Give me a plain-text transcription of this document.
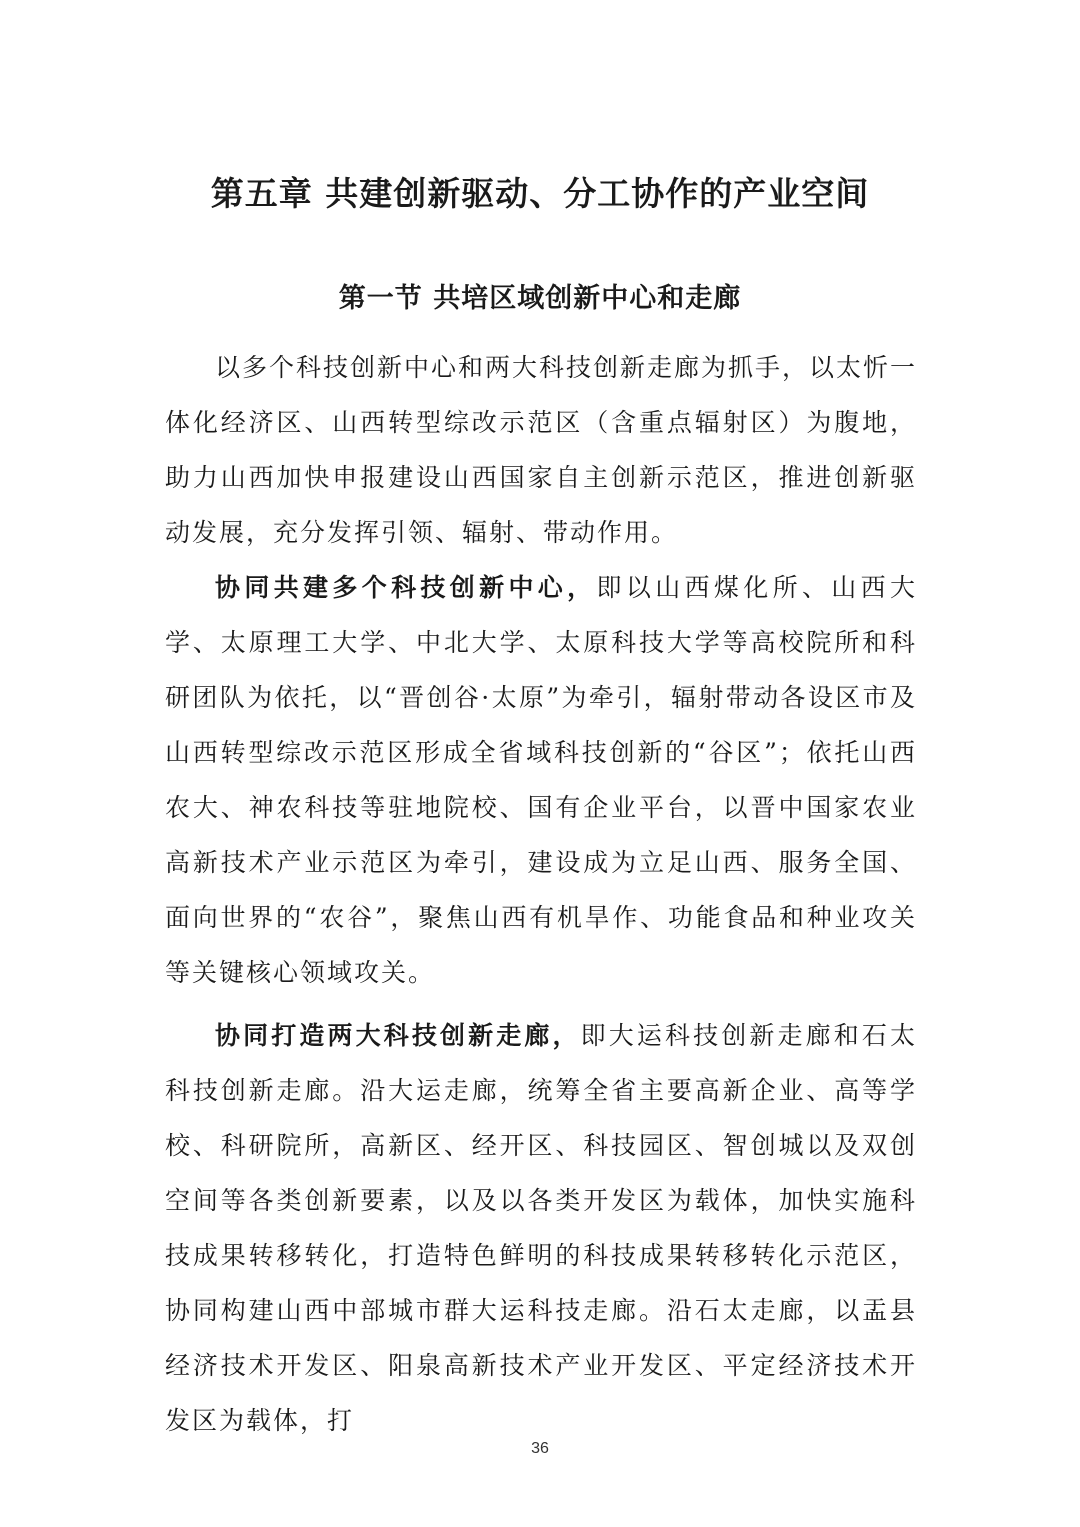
第五章 共建创新驱动、分工协作的产业空间
第一节 共培区域创新中心和走廊

以多个科技创新中心和两大科技创新走廊为抓手，以太忻一体化经济区、山西转型综改示范区（含重点辐射区）为腹地，助力山西加快申报建设山西国家自主创新示范区，推进创新驱动发展，充分发挥引领、辐射、带动作用。

协同共建多个科技创新中心，即以山西煤化所、山西大学、太原理工大学、中北大学、太原科技大学等高校院所和科研团队为依托，以“晋创谷·太原”为牵引，辐射带动各设区市及山西转型综改示范区形成全省域科技创新的“谷区”；依托山西农大、神农科技等驻地院校、国有企业平台，以晋中国家农业高新技术产业示范区为牵引，建设成为立足山西、服务全国、面向世界的“农谷”，聚焦山西有机旱作、功能食品和种业攻关等关键核心领域攻关。

协同打造两大科技创新走廊，即大运科技创新走廊和石太科技创新走廊。沿大运走廊，统筹全省主要高新企业、高等学校、科研院所，高新区、经开区、科技园区、智创城以及双创空间等各类创新要素，以及以各类开发区为载体，加快实施科技成果转移转化，打造特色鲜明的科技成果转移转化示范区，协同构建山西中部城市群大运科技走廊。沿石太走廊，以盂县经济技术开发区、阳泉高新技术产业开发区、平定经济技术开发区为载体，打

36
